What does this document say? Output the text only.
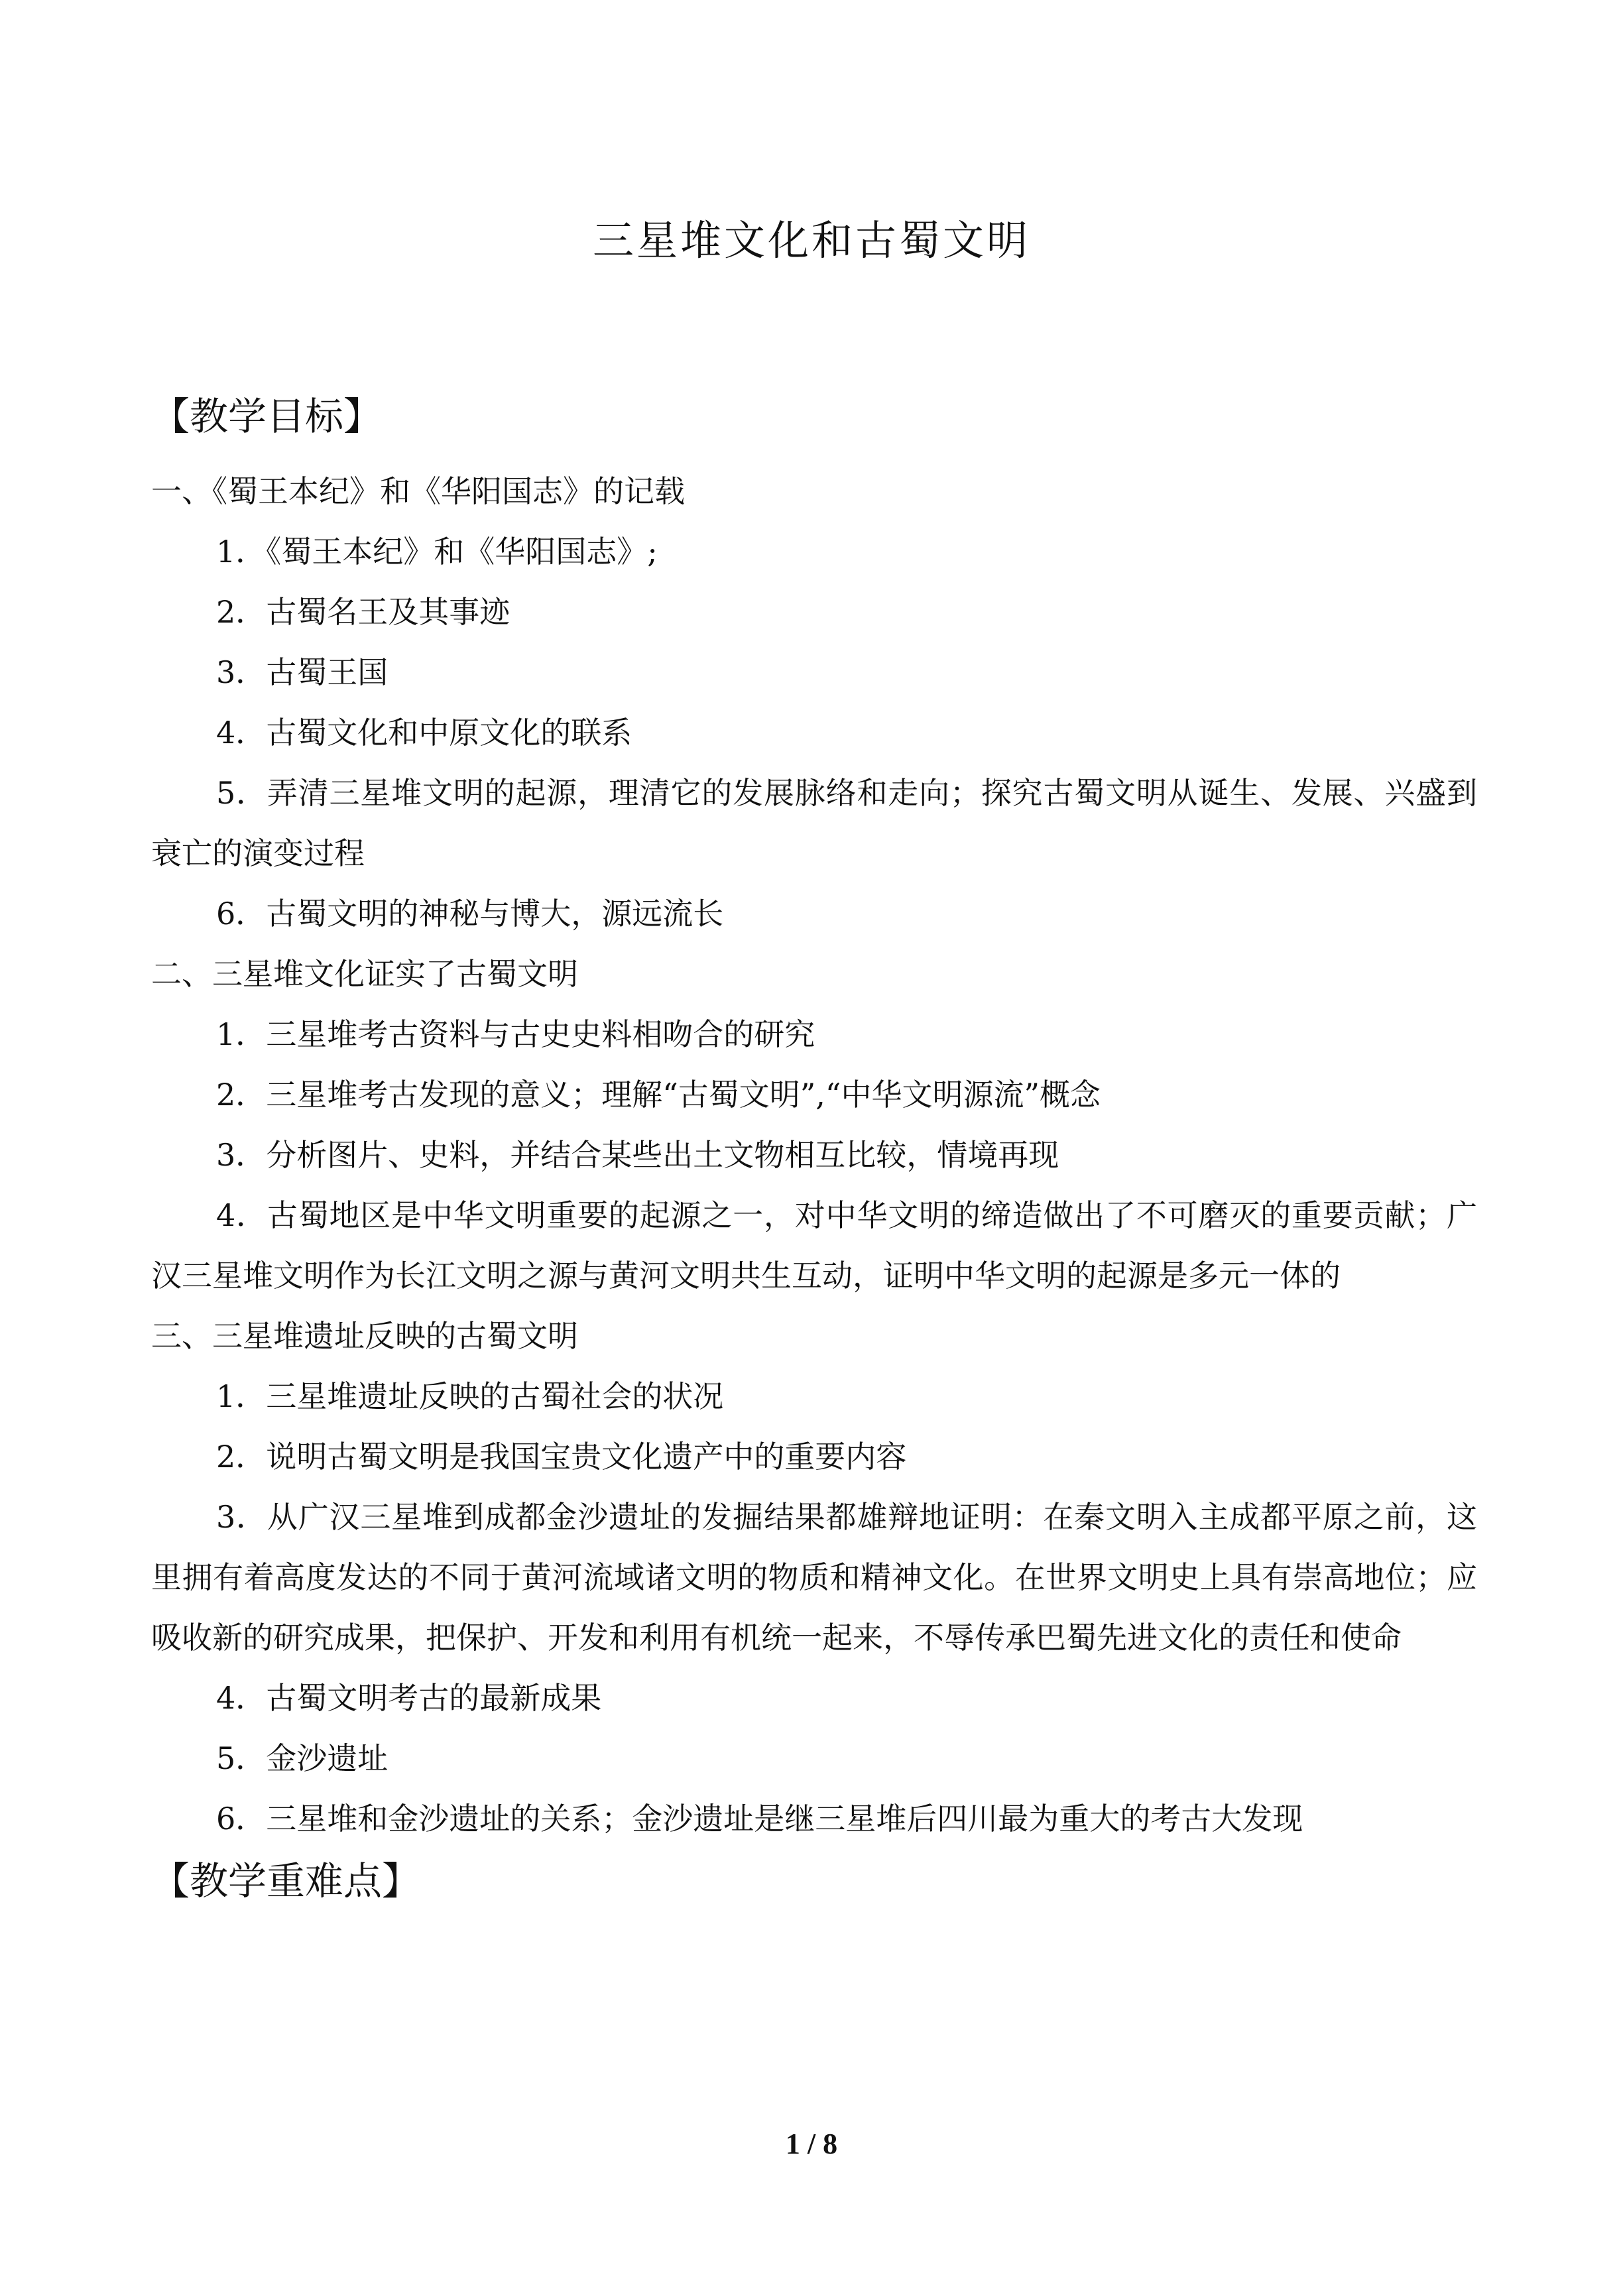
三星堆文化和古蜀文明
【教学目标】
一、《蜀王本纪》和《华阳国志》的记载
1．《蜀王本纪》和《华阳国志》;
2．古蜀名王及其事迹
3．古蜀王国
4．古蜀文化和中原文化的联系
5．弄清三星堆文明的起源，理清它的发展脉络和走向；探究古蜀文明从诞生、发展、兴盛到衰亡的演变过程
6．古蜀文明的神秘与博大，源远流长
二、三星堆文化证实了古蜀文明
1．三星堆考古资料与古史史料相吻合的研究
2．三星堆考古发现的意义；理解“古蜀文明”,“中华文明源流”概念
3．分析图片、史料，并结合某些出土文物相互比较，情境再现
4．古蜀地区是中华文明重要的起源之一，对中华文明的缔造做出了不可磨灭的重要贡献；广汉三星堆文明作为长江文明之源与黄河文明共生互动，证明中华文明的起源是多元一体的
三、三星堆遗址反映的古蜀文明
1．三星堆遗址反映的古蜀社会的状况
2．说明古蜀文明是我国宝贵文化遗产中的重要内容
3．从广汉三星堆到成都金沙遗址的发掘结果都雄辩地证明：在秦文明入主成都平原之前，这里拥有着高度发达的不同于黄河流域诸文明的物质和精神文化。在世界文明史上具有崇高地位；应吸收新的研究成果，把保护、开发和利用有机统一起来，不辱传承巴蜀先进文化的责任和使命
4．古蜀文明考古的最新成果
5．金沙遗址
6．三星堆和金沙遗址的关系；金沙遗址是继三星堆后四川最为重大的考古大发现
【教学重难点】
1 / 8
